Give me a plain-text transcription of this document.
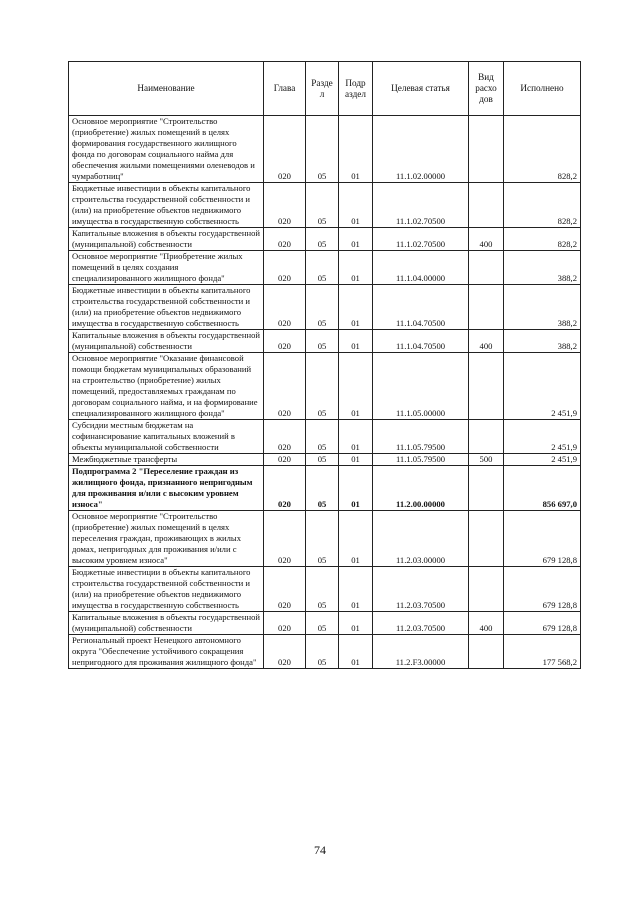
Наименование	Глава	Разде л	Подр аздел	Целевая статья	Вид расхо дов	Исполнено
Основное мероприятие "Строительство (приобретение) жилых помещений в целях формирования государственного жилищного фонда по договорам социального найма для обеспечения жилыми помещениями оленеводов и чумработниц"	020	05	01	11.1.02.00000		828,2
Бюджетные инвестиции в объекты капитального строительства государственной собственности и (или) на приобретение объектов недвижимого имущества в государственную собственность	020	05	01	11.1.02.70500		828,2
Капитальные вложения в объекты государственной (муниципальной) собственности	020	05	01	11.1.02.70500	400	828,2
Основное мероприятие "Приобретение жилых помещений в целях создания специализированного жилищного фонда"	020	05	01	11.1.04.00000		388,2
Бюджетные инвестиции в объекты капитального строительства государственной собственности и (или) на приобретение объектов недвижимого имущества в государственную собственность	020	05	01	11.1.04.70500		388,2
Капитальные вложения в объекты государственной (муниципальной) собственности	020	05	01	11.1.04.70500	400	388,2
Основное мероприятие "Оказание финансовой помощи бюджетам муниципальных образований на строительство (приобретение) жилых помещений, предоставляемых гражданам по договорам социального найма, и на формирование специализированного жилищного фонда"	020	05	01	11.1.05.00000		2 451,9
Субсидии местным бюджетам на софинансирование капитальных вложений в объекты муниципальной собственности	020	05	01	11.1.05.79500		2 451,9
Межбюджетные трансферты	020	05	01	11.1.05.79500	500	2 451,9
Подпрограмма 2 "Переселение граждан из жилищного фонда, признанного непригодным для проживания и/или с высоким уровнем износа"	020	05	01	11.2.00.00000		856 697,0
Основное мероприятие "Строительство (приобретение) жилых помещений в целях переселения граждан, проживающих в жилых домах, непригодных для проживания и/или с высоким уровнем износа"	020	05	01	11.2.03.00000		679 128,8
Бюджетные инвестиции в объекты капитального строительства государственной собственности и (или) на приобретение объектов недвижимого имущества в государственную собственность	020	05	01	11.2.03.70500		679 128,8
Капитальные вложения в объекты государственной (муниципальной) собственности	020	05	01	11.2.03.70500	400	679 128,8
Региональный проект Ненецкого автономного округа "Обеспечение устойчивого сокращения непригодного для проживания жилищного фонда"	020	05	01	11.2.F3.00000		177 568,2
74
